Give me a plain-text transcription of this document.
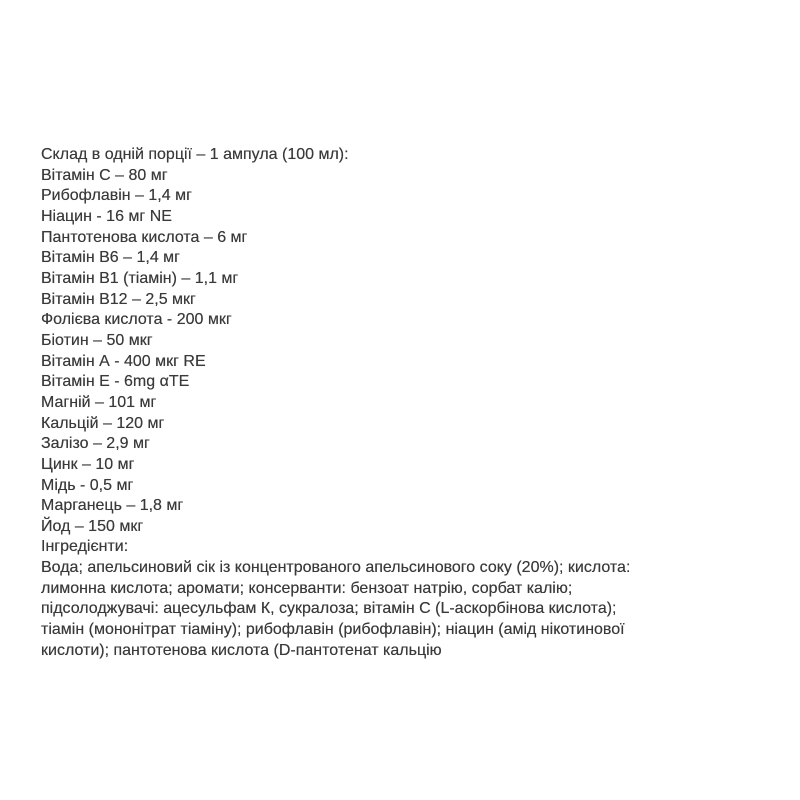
Склад в одній порції – 1 ампула (100 мл):
Вітамін С – 80 мг
Рибофлавін – 1,4 мг
Ніацин - 16 мг NE
Пантотенова кислота – 6 мг
Вітамін В6 – 1,4 мг
Вітамін В1 (тіамін) – 1,1 мг
Вітамін В12 – 2,5 мкг
Фолієва кислота - 200 мкг
Біотин – 50 мкг
Вітамін А - 400 мкг RE
Вітамін Е - 6mg αTE
Магній – 101 мг
Кальцій – 120 мг
Залізо – 2,9 мг
Цинк – 10 мг
Мідь - 0,5 мг
Марганець – 1,8 мг
Йод – 150 мкг
Інгредієнти:
Вода; апельсиновий сік із концентрованого апельсинового соку (20%); кислота:
лимонна кислота; аромати; консерванти: бензоат натрію, сорбат калію;
підсолоджувачі: ацесульфам К, сукралоза; вітамін С (L-аскорбінова кислота);
тіамін (мононітрат тіаміну); рибофлавін (рибофлавін); ніацин (амід нікотинової
кислоти); пантотенова кислота (D-пантотенат кальцію
